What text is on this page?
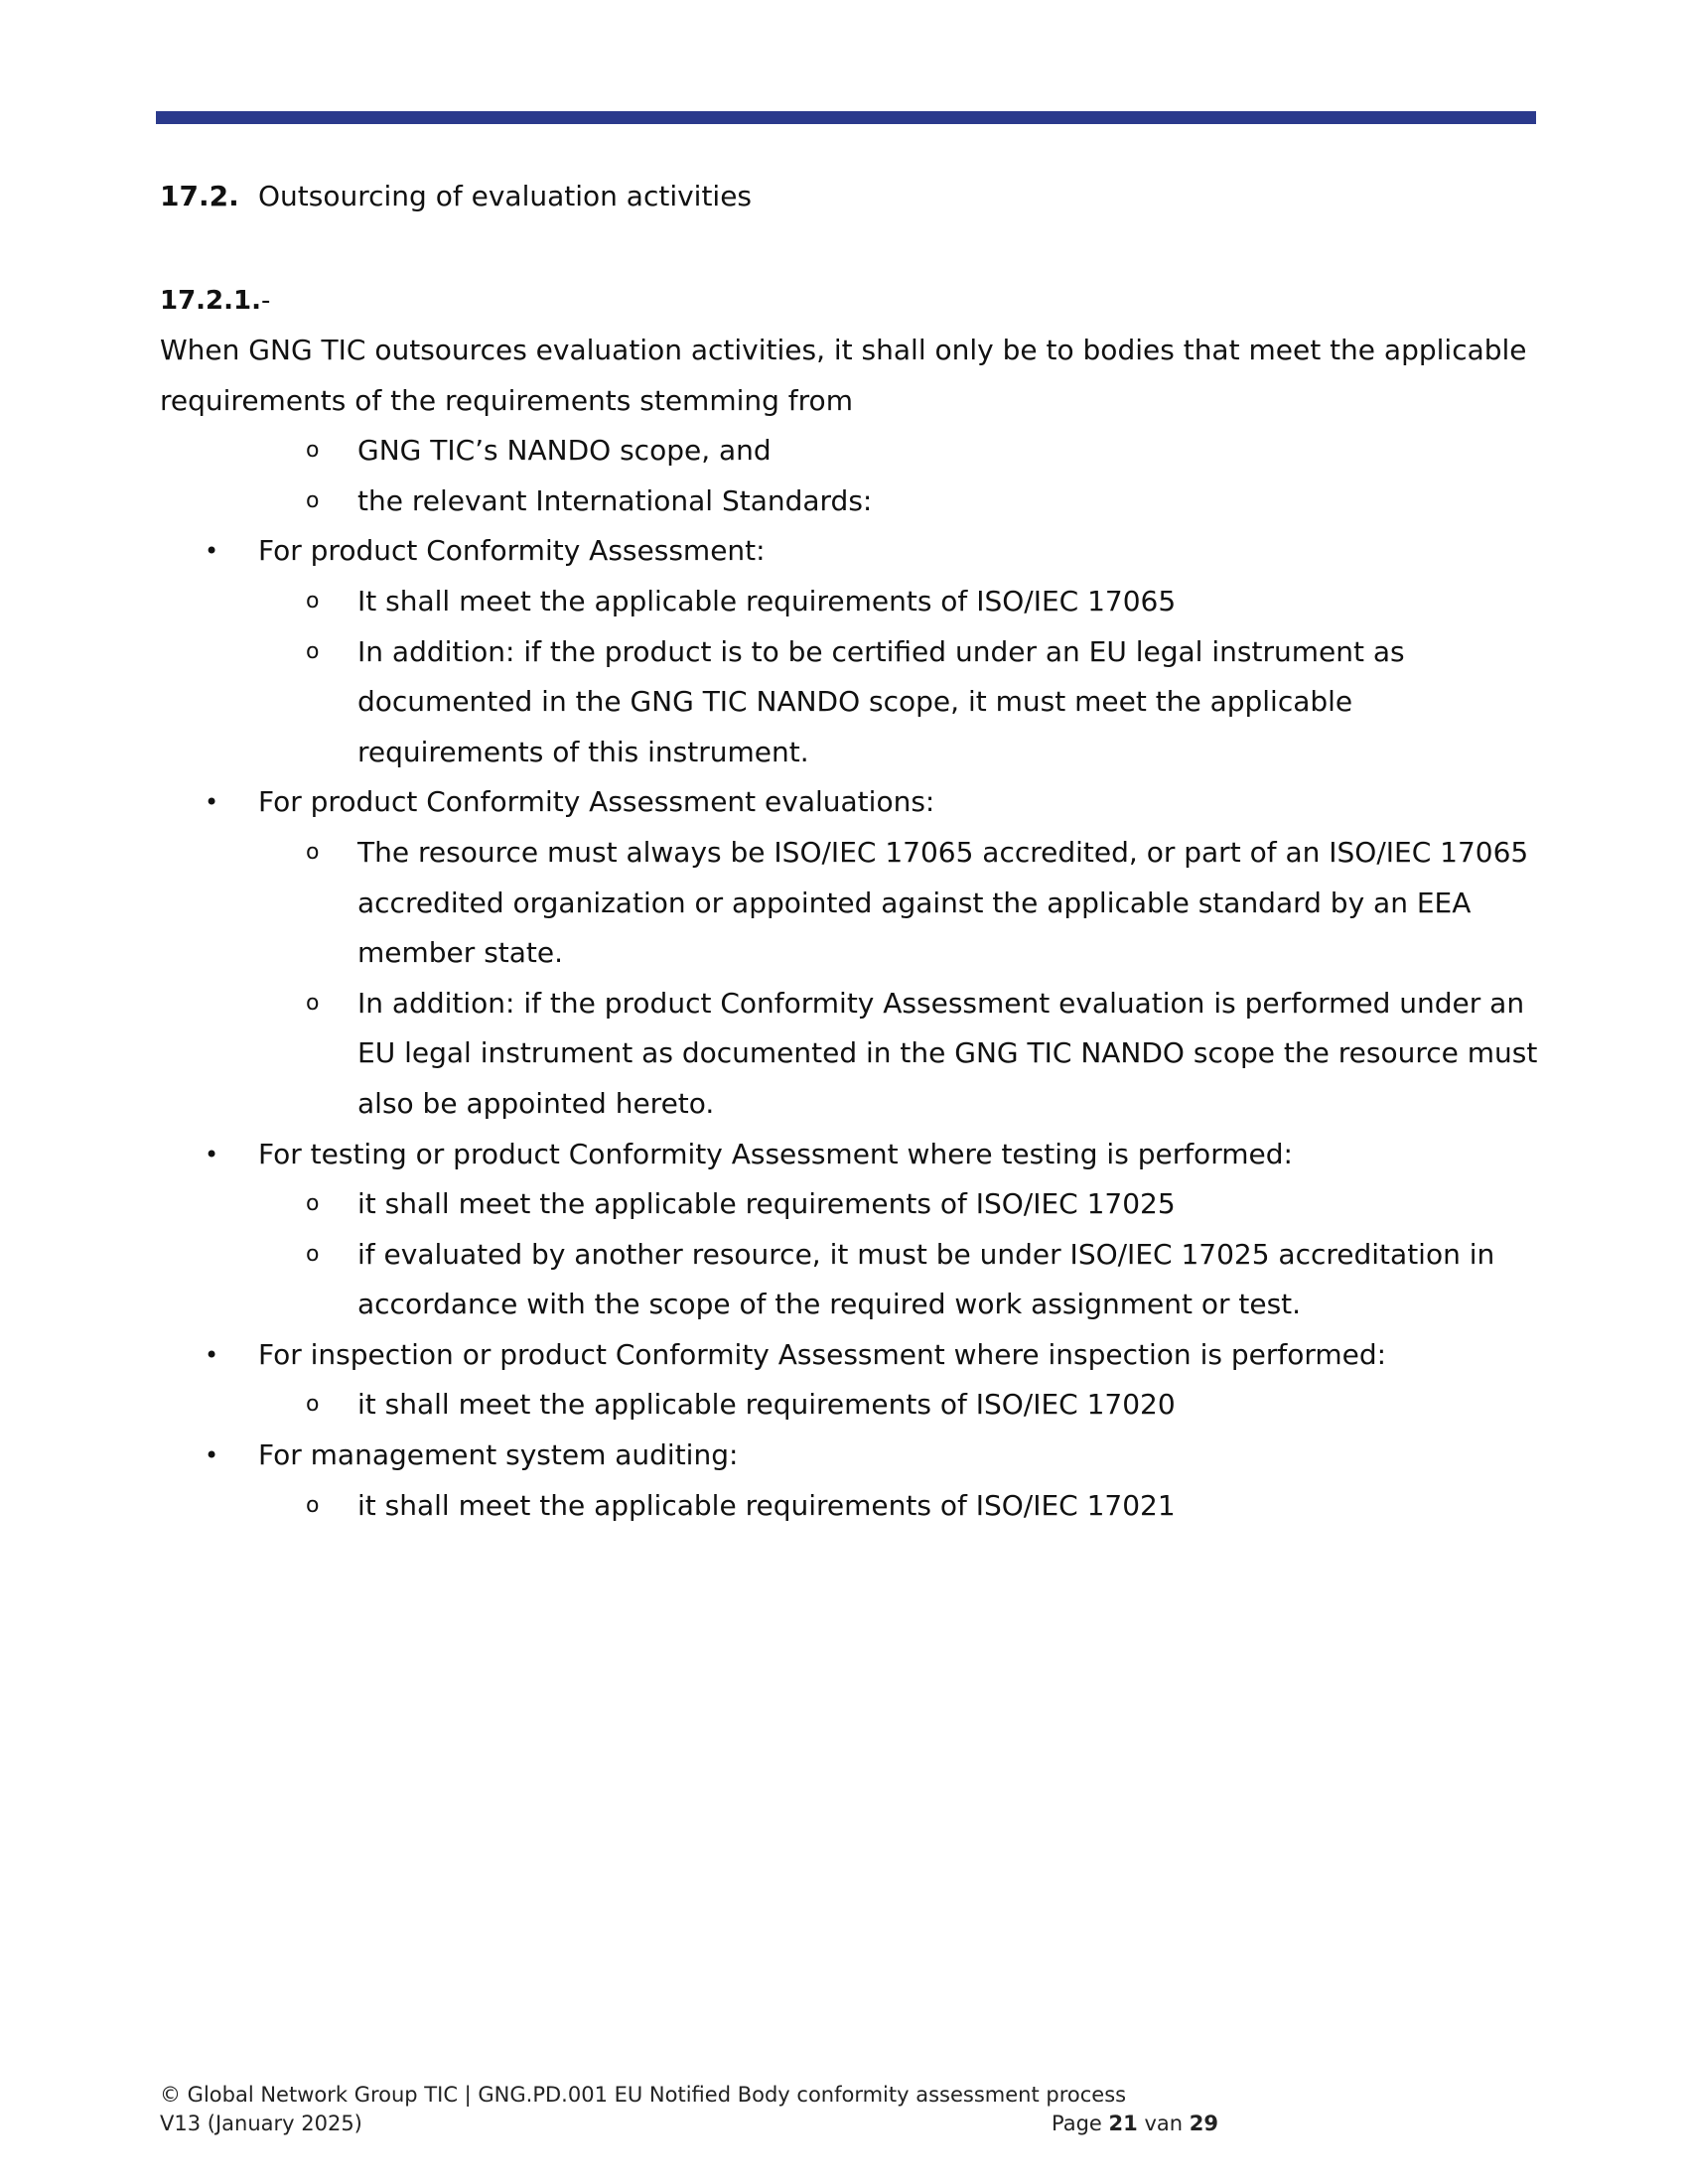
17.2. Outsourcing of evaluation activities
17.2.1.-

When GNG TIC outsources evaluation activities, it shall only be to bodies that meet the applicable requirements of the requirements stemming from

o GNG TIC’s NANDO scope, and
o the relevant International Standards:
• For product Conformity Assessment:
o It shall meet the applicable requirements of ISO/IEC 17065
o In addition: if the product is to be certified under an EU legal instrument as documented in the GNG TIC NANDO scope, it must meet the applicable requirements of this instrument.
• For product Conformity Assessment evaluations:
o The resource must always be ISO/IEC 17065 accredited, or part of an ISO/IEC 17065 accredited organization or appointed against the applicable standard by an EEA member state.
o In addition: if the product Conformity Assessment evaluation is performed under an EU legal instrument as documented in the GNG TIC NANDO scope the resource must also be appointed hereto.
• For testing or product Conformity Assessment where testing is performed:
o it shall meet the applicable requirements of ISO/IEC 17025
o if evaluated by another resource, it must be under ISO/IEC 17025 accreditation in accordance with the scope of the required work assignment or test.
• For inspection or product Conformity Assessment where inspection is performed:
o it shall meet the applicable requirements of ISO/IEC 17020
• For management system auditing:
o it shall meet the applicable requirements of ISO/IEC 17021
© Global Network Group TIC | GNG.PD.001 EU Notified Body conformity assessment process
V13 (January 2025)	Page 21 van 29
